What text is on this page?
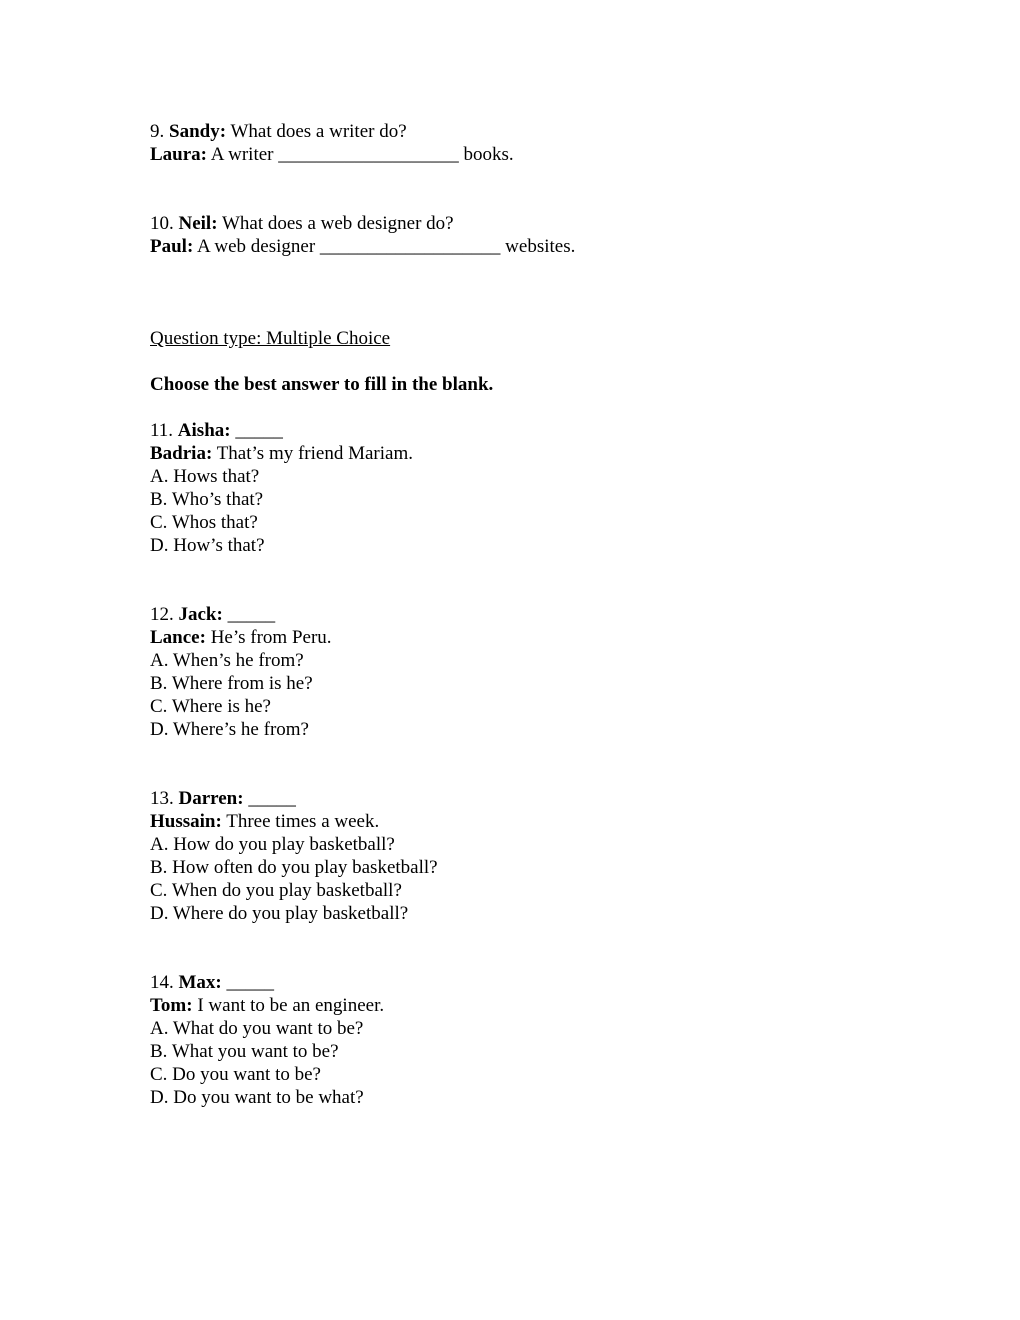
9. Sandy: What does a writer do?
Laura: A writer ___________________ books.
10. Neil: What does a web designer do?
Paul: A web designer ___________________ websites.
Question type: Multiple Choice
Choose the best answer to fill in the blank.
11. Aisha: _____
Badria: That’s my friend Mariam.
A. Hows that?
B. Who’s that?
C. Whos that?
D. How’s that?
12. Jack: _____
Lance: He’s from Peru.
A. When’s he from?
B. Where from is he?
C. Where is he?
D. Where’s he from?
13. Darren: _____
Hussain: Three times a week.
A. How do you play basketball?
B. How often do you play basketball?
C. When do you play basketball?
D. Where do you play basketball?
14. Max: _____
Tom: I want to be an engineer.
A. What do you want to be?
B. What you want to be?
C. Do you want to be?
D. Do you want to be what?
